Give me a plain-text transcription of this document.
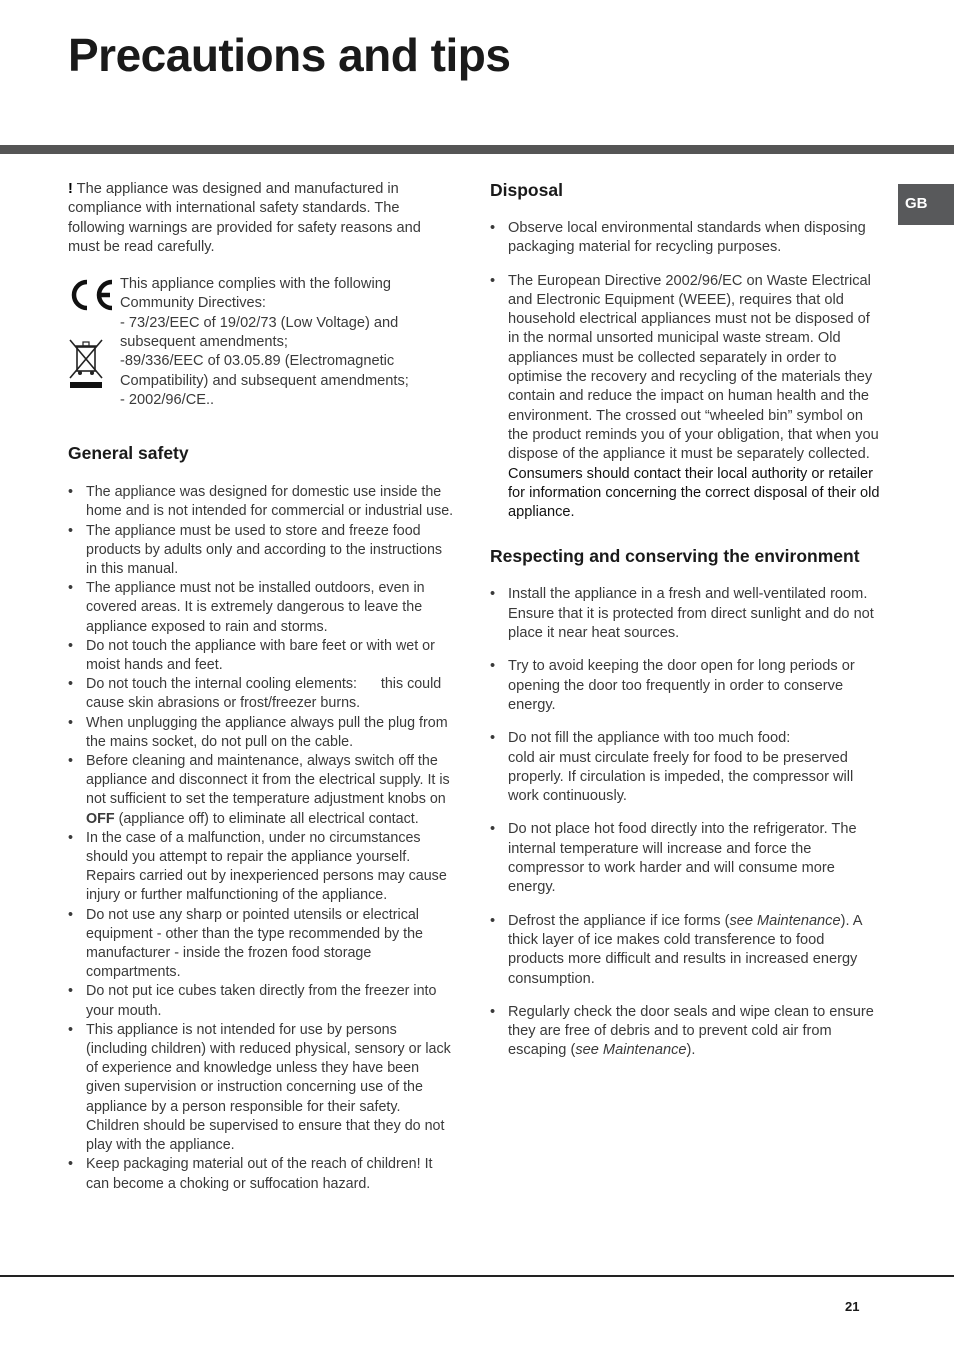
Precautions and tips
GB

! The appliance was designed and manufactured in compliance with international safety standards. The following warnings are provided for safety reasons and must be read carefully.

This appliance complies with the following Community Directives:
- 73/23/EEC of 19/02/73 (Low Voltage) and subsequent amendments;
-89/336/EEC of 03.05.89 (Electromagnetic Compatibility) and subsequent amendments;
- 2002/96/CE..

General safety
• The appliance was designed for domestic use inside the home and is not intended for commercial or industrial use.
• The appliance must be used to store and freeze food products by adults only and according to the instructions in this manual.
• The appliance must not be installed outdoors, even in covered areas. It is extremely dangerous to leave the appliance exposed to rain and storms.
• Do not touch the appliance with bare feet or with wet or moist hands and feet.
• Do not touch the internal cooling elements:      this could cause skin abrasions or frost/freezer burns.
• When unplugging the appliance always pull the plug from the mains socket, do not pull on the cable.
• Before cleaning and maintenance, always switch off the appliance and disconnect it from the electrical supply. It is not sufficient to set the temperature adjustment knobs on OFF (appliance off) to eliminate all electrical contact.
• In the case of a malfunction, under no circumstances should you attempt to repair the appliance yourself. Repairs carried out by inexperienced persons may cause injury or further malfunctioning of the appliance.
• Do not use any sharp or pointed utensils or electrical equipment - other than the type recommended by the manufacturer - inside the frozen food storage compartments.
• Do not put ice cubes taken directly from the freezer into your mouth.
• This appliance is not intended for use by persons (including children) with reduced physical, sensory or lack of experience and knowledge unless they have been given supervision or instruction concerning use of the appliance by a person responsible for their safety. Children should be supervised to ensure that they do not play with the appliance.
• Keep packaging material out of the reach of children! It can become a choking or suffocation hazard.
Disposal
• Observe local environmental standards when disposing packaging material for recycling purposes.
• The European Directive 2002/96/EC on Waste Electrical and Electronic Equipment (WEEE), requires that old household electrical appliances must not be disposed of in the normal unsorted municipal waste stream. Old appliances must be collected separately in order to optimise the recovery and recycling of the materials they contain and reduce the impact on human health and the environment. The crossed out “wheeled bin” symbol on the product reminds you of your obligation, that when you dispose of the appliance it must be separately collected. Consumers should contact their local authority or retailer for information concerning the correct disposal of their old appliance.
Respecting and conserving the environment
• Install the appliance in a fresh and well-ventilated room. Ensure that it is protected from direct sunlight and do not place it near heat sources.
• Try to avoid keeping the door open for long periods or opening the door too frequently in order to conserve energy.
• Do not fill the appliance with too much food:
cold air must circulate freely for food to be preserved properly. If circulation is impeded, the compressor will work continuously.
• Do not place hot food directly into the refrigerator. The internal temperature will increase and force the compressor to work harder and will consume more energy.
• Defrost the appliance if ice forms (see Maintenance). A thick layer of ice makes cold transference to food products more difficult and results in increased energy consumption.
• Regularly check the door seals and wipe clean to ensure they are free of debris and to prevent cold air from escaping (see Maintenance).
21
